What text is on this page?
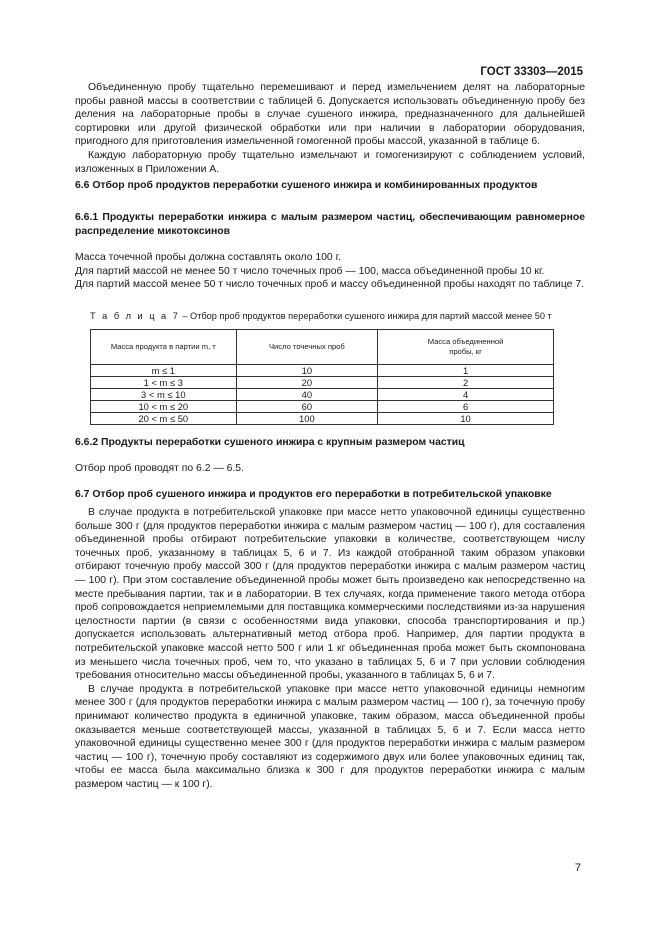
ГОСТ 33303—2015

Объединенную пробу тщательно перемешивают и перед измельчением делят на лабораторные пробы равной массы в соответствии с таблицей 6. Допускается использовать объединенную пробу без деления на лабораторные пробы в случае сушеного инжира, предназначенного для дальнейшей сортировки или другой физической обработки или при наличии в лаборатории оборудования, пригодного для приготовления измельченной гомогенной пробы массой, указанной в таблице 6.

Каждую лабораторную пробу тщательно измельчают и гомогенизируют с соблюдением условий, изложенных в Приложении А.

6.6 Отбор проб продуктов переработки сушеного инжира и комбинированных продуктов

6.6.1 Продукты переработки инжира с малым размером частиц, обеспечивающим равномерное распределение микотоксинов

Масса точечной пробы должна составлять около 100 г.

Для партий массой не менее 50 т число точечных проб — 100, масса объединенной пробы 10 кг.

Для партий массой менее 50 т число точечных проб и массу объединенной пробы находят по таблице 7.

Т а б л и ц а 7 – Отбор проб продуктов переработки сушеного инжира для партий массой менее 50 т
Масса продукта в партии m, т	Число точечных проб	Масса объединенной пробы, кг
m ≤ 1	10	1
1 < m ≤ 3	20	2
3 < m ≤ 10	40	4
10 < m ≤ 20	60	6
20 < m ≤ 50	100	10

6.6.2 Продукты переработки сушеного инжира с крупным размером частиц

Отбор проб проводят по 6.2 — 6.5.

6.7 Отбор проб сушеного инжира и продуктов его переработки в потребительской упаковке

В случае продукта в потребительской упаковке при массе нетто упаковочной единицы существенно больше 300 г (для продуктов переработки инжира с малым размером частиц — 100 г), для составления объединенной пробы отбирают потребительские упаковки в количестве, соответствующем числу точечных проб, указанному в таблицах 5, 6 и 7. Из каждой отобранной таким образом упаковки отбирают точечную пробу массой 300 г (для продуктов переработки инжира с малым размером частиц — 100 г). При этом составление объединенной пробы может быть произведено как непосредственно на месте пребывания партии, так и в лаборатории. В тех случаях, когда применение такого метода отбора проб сопровождается неприемлемыми для поставщика коммерческими последствиями из-за нарушения целостности партии (в связи с особенностями вида упаковки, способа транспортирования и пр.) допускается использовать альтернативный метод отбора проб. Например, для партии продукта в потребительской упаковке массой нетто 500 г или 1 кг объединенная проба может быть скомпонована из меньшего числа точечных проб, чем то, что указано в таблицах 5, 6 и 7 при условии соблюдения требования относительно массы объединенной пробы, указанного в таблицах 5, 6 и 7.

В случае продукта в потребительской упаковке при массе нетто упаковочной единицы немногим менее 300 г (для продуктов переработки инжира с малым размером частиц — 100 г), за точечную пробу принимают количество продукта в единичной упаковке, таким образом, масса объединенной пробы оказывается меньше соответствующей массы, указанной в таблицах 5, 6 и 7. Если масса нетто упаковочной единицы существенно менее 300 г (для продуктов переработки инжира с малым размером частиц — 100 г), точечную пробу составляют из содержимого двух или более упаковочных единиц так, чтобы ее масса была максимально близка к 300 г для продуктов переработки инжира с малым размером частиц — к 100 г).

7
